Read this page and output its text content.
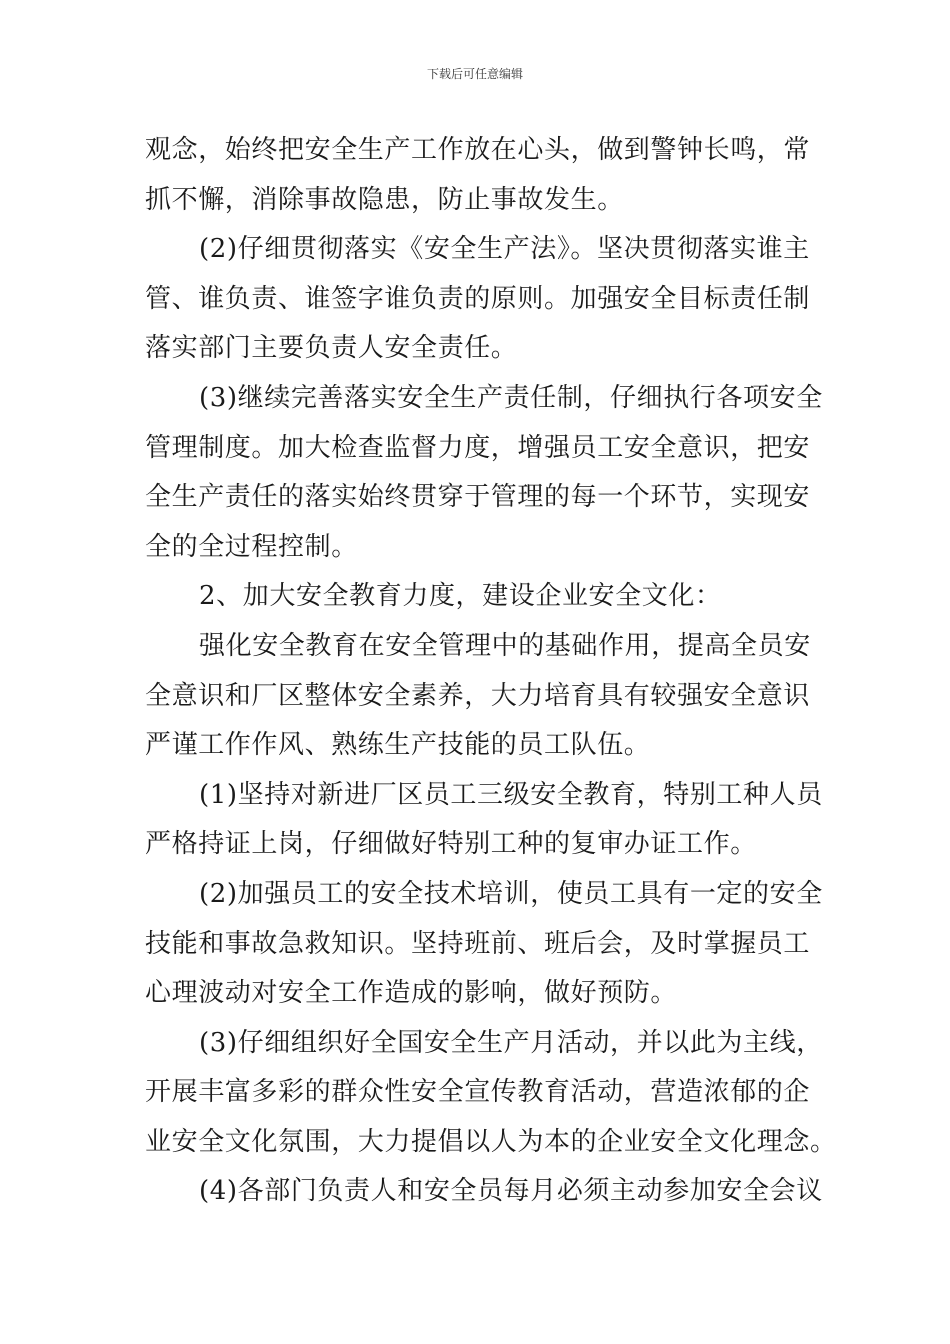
下载后可任意编辑
观念，始终把安全生产工作放在心头，做到警钟长鸣，常
抓不懈，消除事故隐患，防止事故发生。
(2)仔细贯彻落实《安全生产法》。坚决贯彻落实谁主
管、谁负责、谁签字谁负责的原则。加强安全目标责任制
落实部门主要负责人安全责任。
(3)继续完善落实安全生产责任制，仔细执行各项安全
管理制度。加大检查监督力度，增强员工安全意识，把安
全生产责任的落实始终贯穿于管理的每一个环节，实现安
全的全过程控制。
2、加大安全教育力度，建设企业安全文化：
强化安全教育在安全管理中的基础作用，提高全员安
全意识和厂区整体安全素养，大力培育具有较强安全意识
严谨工作作风、熟练生产技能的员工队伍。
(1)坚持对新进厂区员工三级安全教育，特别工种人员
严格持证上岗，仔细做好特别工种的复审办证工作。
(2)加强员工的安全技术培训，使员工具有一定的安全
技能和事故急救知识。坚持班前、班后会，及时掌握员工
心理波动对安全工作造成的影响，做好预防。
(3)仔细组织好全国安全生产月活动，并以此为主线，
开展丰富多彩的群众性安全宣传教育活动，营造浓郁的企
业安全文化氛围，大力提倡以人为本的企业安全文化理念。
(4)各部门负责人和安全员每月必须主动参加安全会议
